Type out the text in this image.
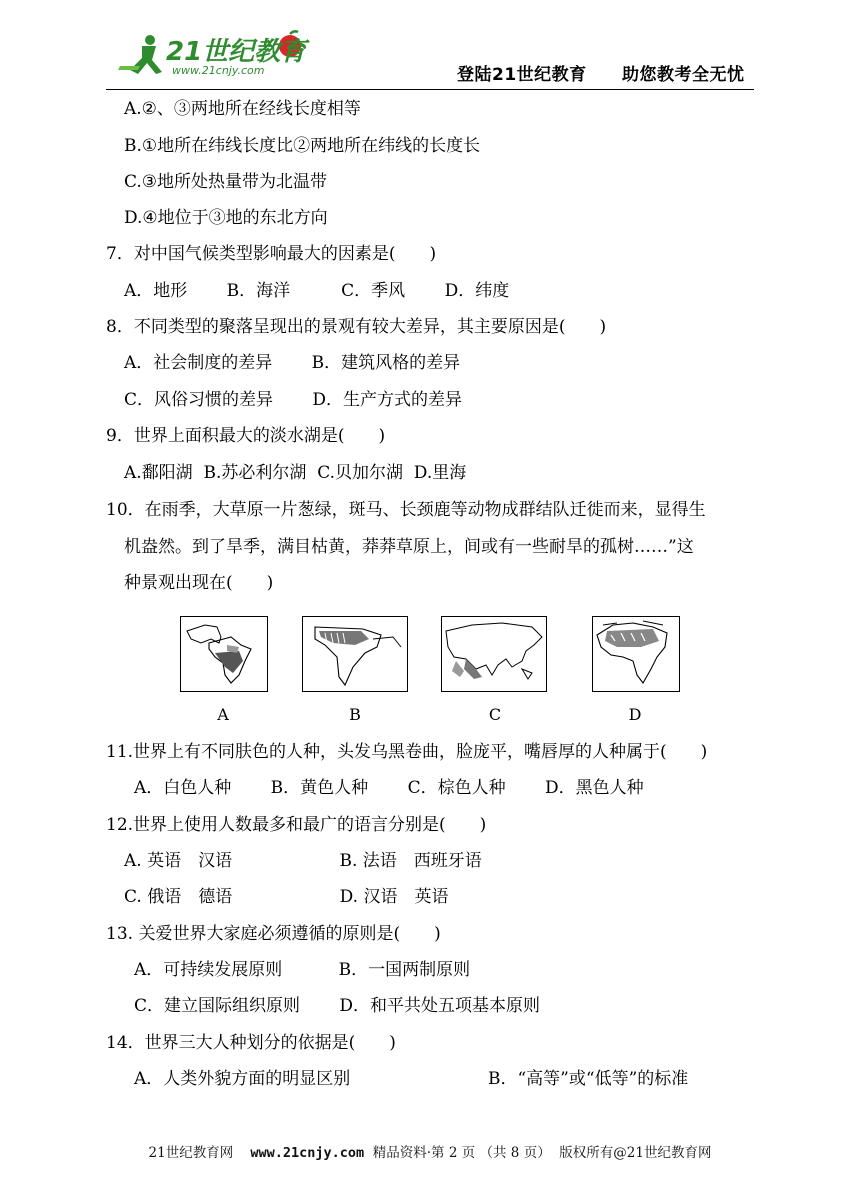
21世纪教育
www.21cnjy.com	登陆21世纪教育 助您教考全无忧
A.②、③两地所在经线长度相等
B.①地所在纬线长度比②两地所在纬线的长度长
C.③地所处热量带为北温带
D.④地位于③地的东北方向
7．对中国气候类型影响最大的因素是(　　)
A．地形　　 B．海洋　　　C．季风　　 D．纬度
8．不同类型的聚落呈现出的景观有较大差异，其主要原因是(　　)
A．社会制度的差异　　 B．建筑风格的差异
C．风俗习惯的差异　　 D．生产方式的差异
9．世界上面积最大的淡水湖是(　　)
A.鄱阳湖  B.苏必利尔湖  C.贝加尔湖  D.里海
10．在雨季，大草原一片葱绿，斑马、长颈鹿等动物成群结队迁徙而来，显得生
机盎然。到了旱季，满目枯黄，莽莽草原上，间或有一些耐旱的孤树……”这
种景观出现在(　　)
A	B	C	D
11.世界上有不同肤色的人种，头发乌黑卷曲，脸庞平，嘴唇厚的人种属于(　　)
A．白色人种　　 B．黄色人种　　 C．棕色人种　　 D．黑色人种
12.世界上使用人数最多和最广的语言分别是(　　)
A. 英语　汉语　　　　　　 B. 法语　西班牙语
C. 俄语　德语　　　　　　 D. 汉语　英语
13. 关爱世界大家庭必须遵循的原则是(　　)
A．可持续发展原则　　　 B．一国两制原则
C．建立国际组织原则　　 D．和平共处五项基本原则
14．世界三大人种划分的依据是(　　)
A．人类外貌方面的明显区别	B．“高等”或“低等”的标准
21世纪教育网 www.21cnjy.com 精品资料·第 2 页 （共 8 页） 版权所有@21世纪教育网
